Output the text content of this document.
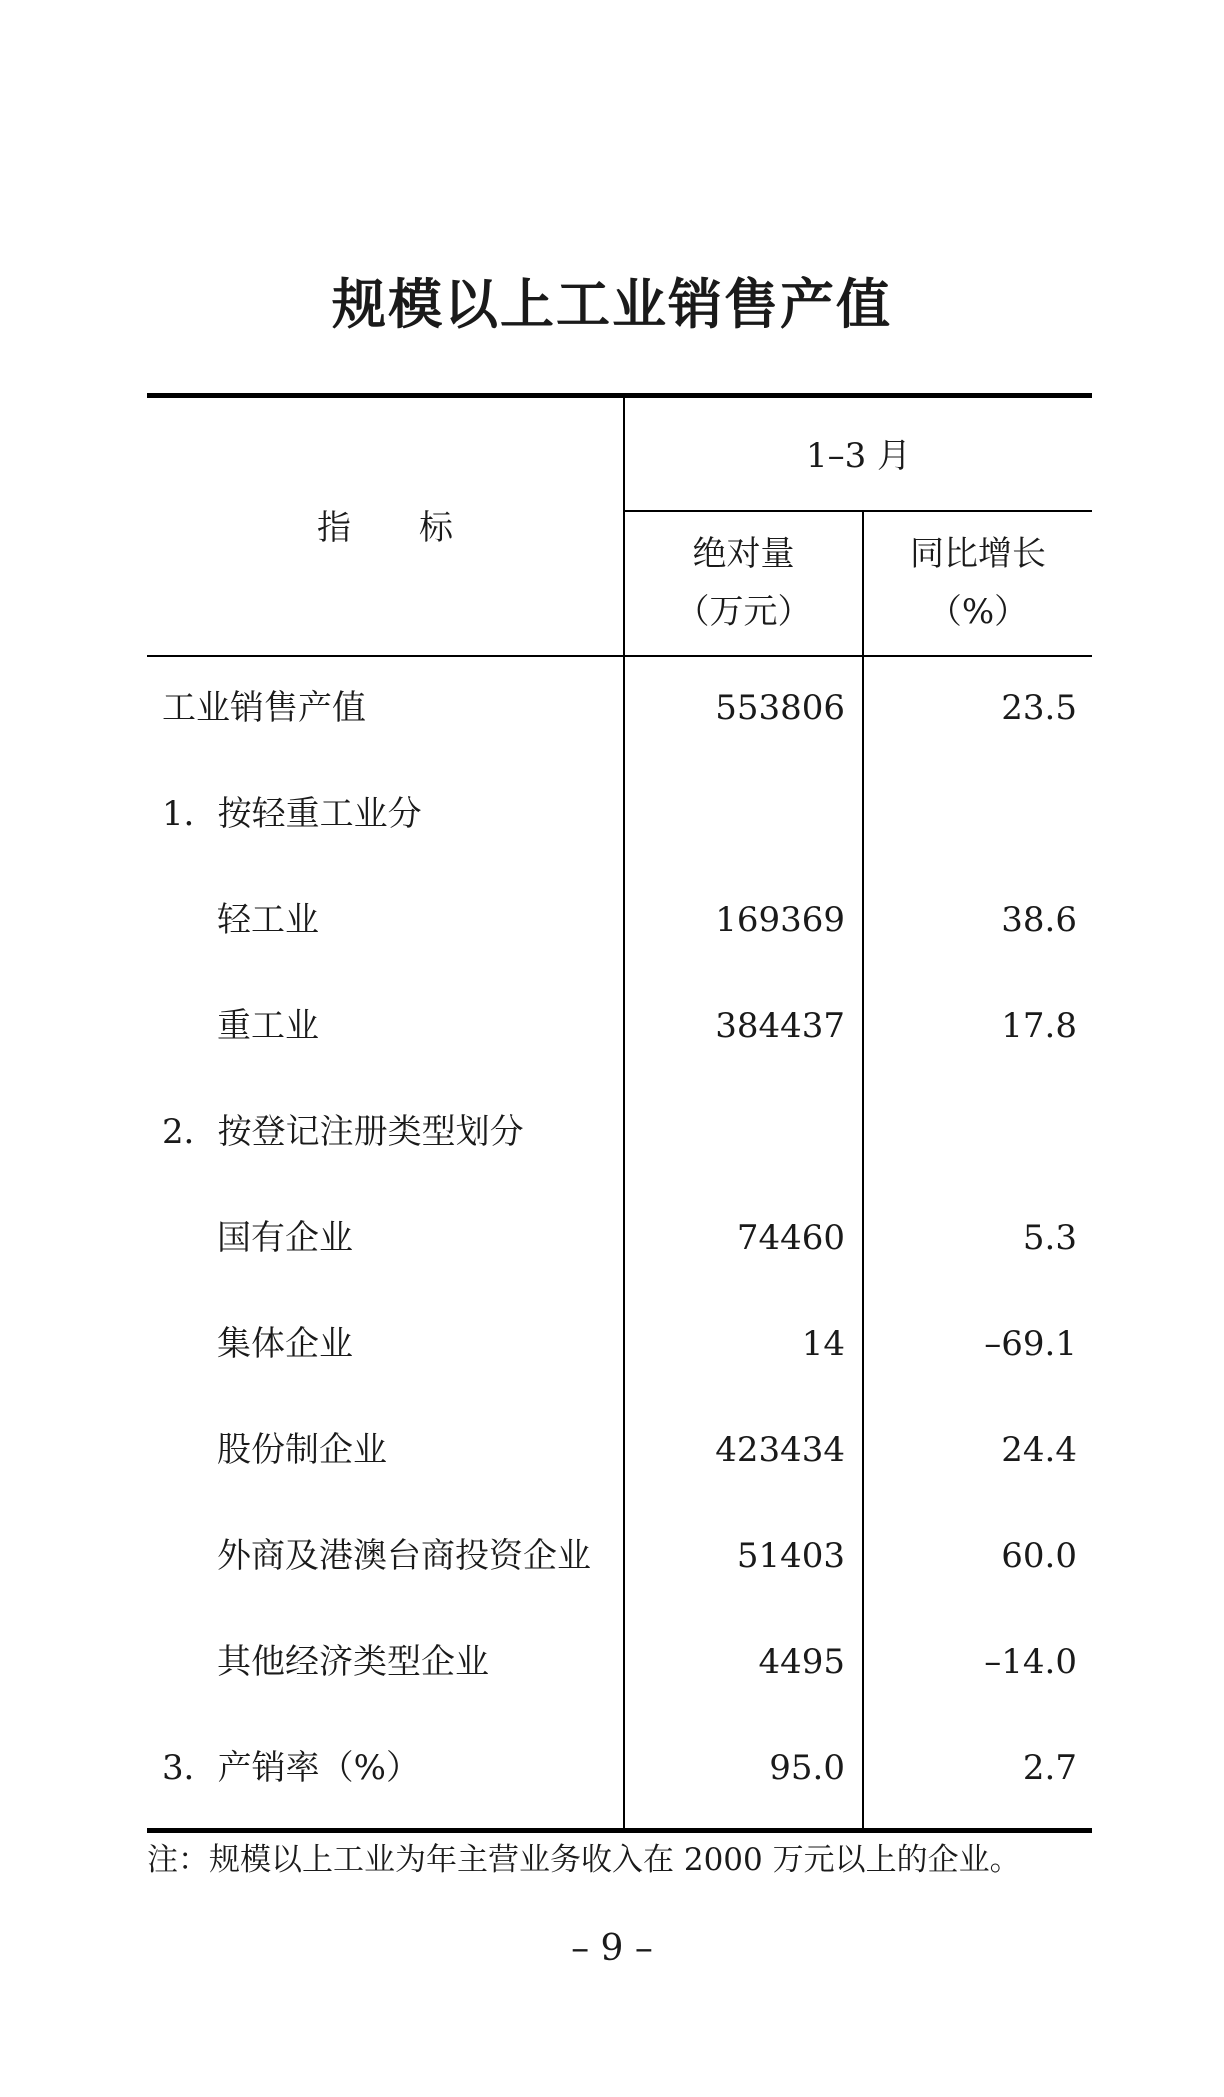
规模以上工业销售产值
指　　标
1–3 月
绝对量
（万元）
同比增长
（%）
工业销售产值	553806	23.5
1．按轻重工业分
轻工业	169369	38.6
重工业	384437	17.8
2．按登记注册类型划分
国有企业	74460	5.3
集体企业	14	–69.1
股份制企业	423434	24.4
外商及港澳台商投资企业	51403	60.0
其他经济类型企业	4495	–14.0
3．产销率（%）	95.0	2.7
注：规模以上工业为年主营业务收入在 2000 万元以上的企业。
– 9 –
